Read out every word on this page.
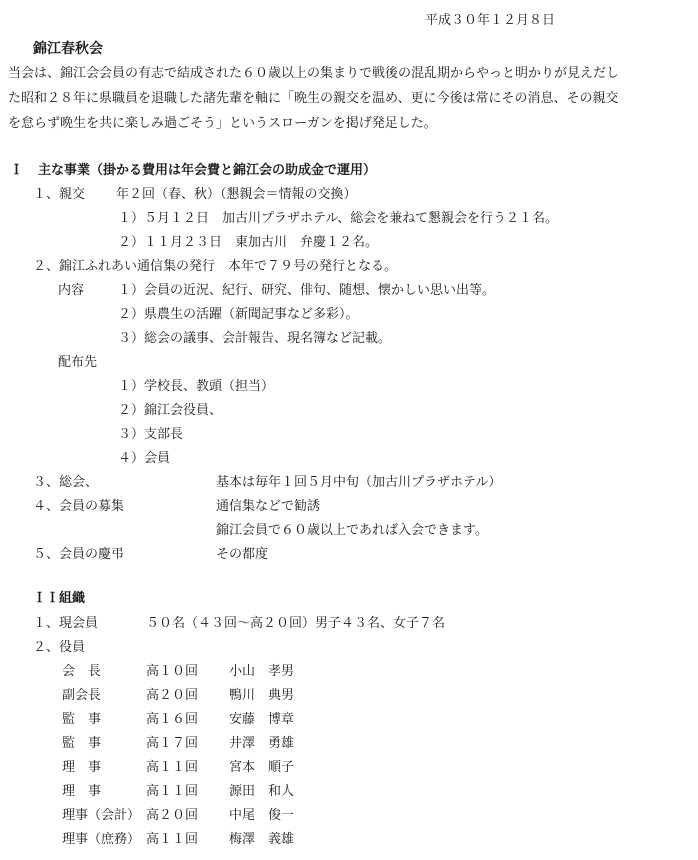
平成３０年１２月８日
錦江春秋会
当会は、錦江会会員の有志で結成された６０歳以上の集まりで戦後の混乱期からやっと明かりが見えだし
た昭和２８年に県職員を退職した諸先輩を軸に「晩生の親交を温め、更に今後は常にその消息、その親交
を怠らず晩生を共に楽しみ過ごそう」というスローガンを掲げ発足した。
Ｉ 主な事業（掛かる費用は年会費と錦江会の助成金で運用）
１、親交 年２回（春、秋）（懇親会＝情報の交換）
１）５月１２日　加古川プラザホテル、総会を兼ねて懇親会を行う２１名。
２）１１月２３日　東加古川　弁慶１２名。
２、錦江ふれあい通信集の発行　本年で７９号の発行となる。
内容	１）会員の近況、紀行、研究、俳句、随想、懐かしい思い出等。
２）県農生の活躍（新聞記事など多彩）。
３）総会の議事、会計報告、現名簿など記載。
配布先
１）学校長、教頭（担当）
２）錦江会役員、
３）支部長
４）会員
３、総会、	基本は毎年１回５月中旬（加古川プラザホテル）
４、会員の募集	通信集などで勧誘
錦江会員で６０歳以上であれば入会できます。
５、会員の慶弔	その都度
ＩＩ組織
１、現会員	５０名（４３回～高２０回）男子４３名、女子７名
２、役員
会　長	高１０回 小山　孝男
副会長	高２０回 鴨川　典男
監　事	高１６回 安藤　博章
監　事	高１７回 井澤　勇雄
理　事	高１１回 宮本　順子
理　事	高１１回 源田　和人
理事（会計） 高２０回 中尾　俊一
理事（庶務） 高１１回 梅澤　義雄
